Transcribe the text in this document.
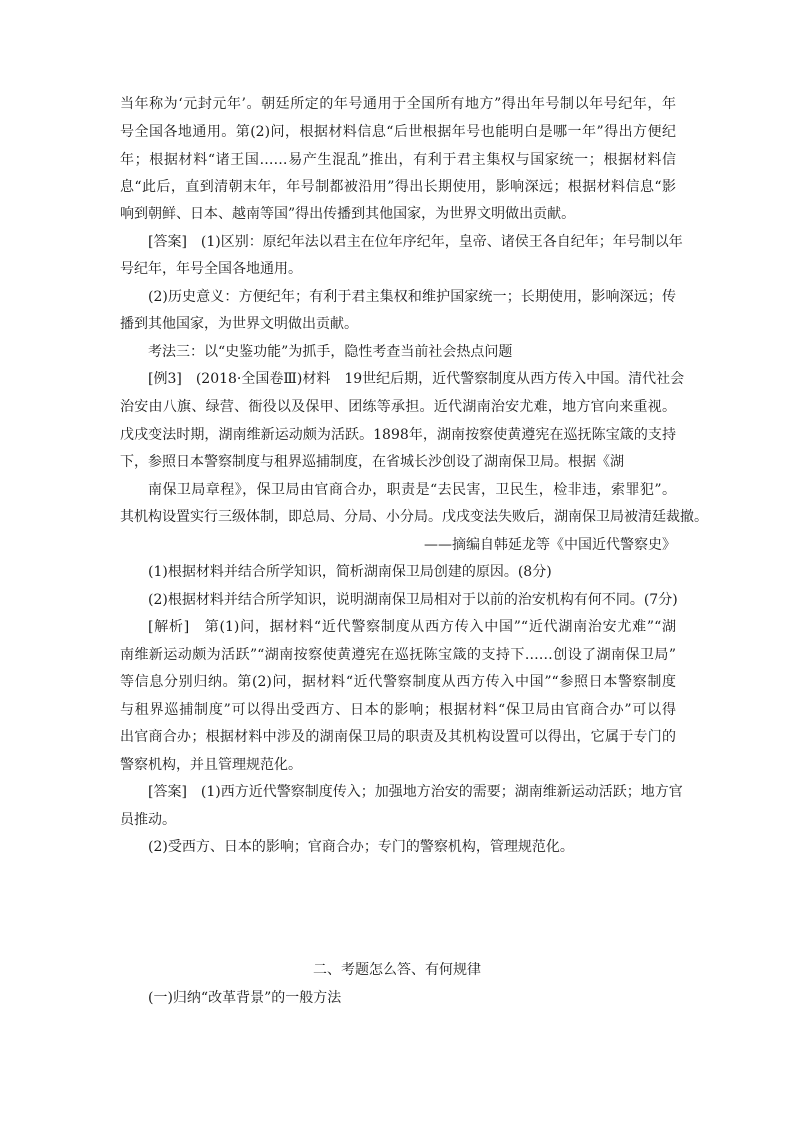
当年称为‘元封元年’。朝廷所定的年号通用于全国所有地方”得出年号制以年号纪年，年
号全国各地通用。第(2)问，根据材料信息“后世根据年号也能明白是哪一年”得出方便纪
年；根据材料“诸王国……易产生混乱”推出，有利于君主集权与国家统一；根据材料信
息“此后，直到清朝末年，年号制都被沿用”得出长期使用，影响深远；根据材料信息“影
响到朝鲜、日本、越南等国”得出传播到其他国家，为世界文明做出贡献。
[答案]　(1)区别：原纪年法以君主在位年序纪年，皇帝、诸侯王各自纪年；年号制以年
号纪年，年号全国各地通用。
(2)历史意义：方便纪年；有利于君主集权和维护国家统一；长期使用，影响深远；传
播到其他国家，为世界文明做出贡献。
考法三：以“史鉴功能”为抓手，隐性考查当前社会热点问题
[例3]　(2018·全国卷Ⅲ)材料　19世纪后期，近代警察制度从西方传入中国。清代社会
治安由八旗、绿营、衙役以及保甲、团练等承担。近代湖南治安尤难，地方官向来重视。
戊戌变法时期，湖南维新运动颇为活跃。1898年，湖南按察使黄遵宪在巡抚陈宝箴的支持
下，参照日本警察制度与租界巡捕制度，在省城长沙创设了湖南保卫局。根据《湖
南保卫局章程》，保卫局由官商合办，职责是“去民害，卫民生，检非违，索罪犯”。
其机构设置实行三级体制，即总局、分局、小分局。戊戌变法失败后，湖南保卫局被清廷裁撤。
——摘编自韩延龙等《中国近代警察史》
(1)根据材料并结合所学知识，简析湖南保卫局创建的原因。(8分)
(2)根据材料并结合所学知识，说明湖南保卫局相对于以前的治安机构有何不同。(7分)
[解析]　第(1)问，据材料“近代警察制度从西方传入中国”“近代湖南治安尤难”“湖
南维新运动颇为活跃”“湖南按察使黄遵宪在巡抚陈宝箴的支持下……创设了湖南保卫局”
等信息分别归纳。第(2)问，据材料“近代警察制度从西方传入中国”“参照日本警察制度
与租界巡捕制度”可以得出受西方、日本的影响；根据材料“保卫局由官商合办”可以得
出官商合办；根据材料中涉及的湖南保卫局的职责及其机构设置可以得出，它属于专门的
警察机构，并且管理规范化。
[答案]　(1)西方近代警察制度传入；加强地方治安的需要；湖南维新运动活跃；地方官
员推动。
(2)受西方、日本的影响；官商合办；专门的警察机构，管理规范化。
二、考题怎么答、有何规律
(一)归纳“改革背景”的一般方法
